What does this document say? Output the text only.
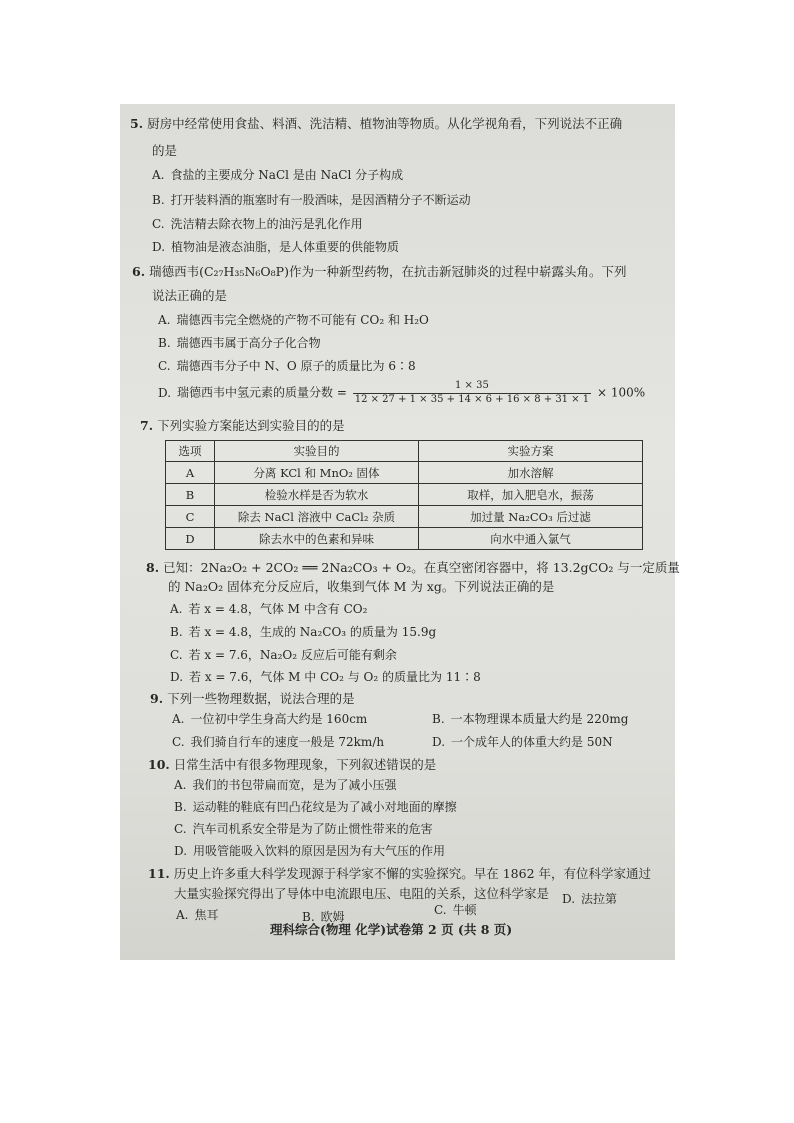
5. 厨房中经常使用食盐、料酒、洗洁精、植物油等物质。从化学视角看，下列说法不正确
的是
A. 食盐的主要成分 NaCl 是由 NaCl 分子构成
B. 打开装料酒的瓶塞时有一股酒味，是因酒精分子不断运动
C. 洗洁精去除衣物上的油污是乳化作用
D. 植物油是液态油脂，是人体重要的供能物质
6. 瑞德西韦(C₂₇H₃₅N₆O₈P)作为一种新型药物，在抗击新冠肺炎的过程中崭露头角。下列
说法正确的是
A. 瑞德西韦完全燃烧的产物不可能有 CO₂ 和 H₂O
B. 瑞德西韦属于高分子化合物
C. 瑞德西韦分子中 N、O 原子的质量比为 6∶8
D. 瑞德西韦中氢元素的质量分数 = $\frac{1 \times 35}{12 \times 27 + 1 \times 35 + 14 \times 6 + 16 \times 8 + 31 \times 1} \times 100\%$
7. 下列实验方案能达到实验目的的是
选项	实验目的	实验方案
A	分离 KCl 和 MnO₂ 固体	加水溶解
B	检验水样是否为软水	取样，加入肥皂水，振荡
C	除去 NaCl 溶液中 CaCl₂ 杂质	加过量 Na₂CO₃ 后过滤
D	除去水中的色素和异味	向水中通入氯气
8. 已知：2Na₂O₂ + 2CO₂ ══ 2Na₂CO₃ + O₂。在真空密闭容器中，将 13.2gCO₂ 与一定质量
的 Na₂O₂ 固体充分反应后，收集到气体 M 为 xg。下列说法正确的是
A. 若 x = 4.8，气体 M 中含有 CO₂
B. 若 x = 4.8，生成的 Na₂CO₃ 的质量为 15.9g
C. 若 x = 7.6，Na₂O₂ 反应后可能有剩余
D. 若 x = 7.6，气体 M 中 CO₂ 与 O₂ 的质量比为 11∶8
9. 下列一些物理数据，说法合理的是
A. 一位初中学生身高大约是 160cm	B. 一本物理课本质量大约是 220mg
C. 我们骑自行车的速度一般是 72km/h	D. 一个成年人的体重大约是 50N
10. 日常生活中有很多物理现象，下列叙述错误的是
A. 我们的书包带扁而宽，是为了减小压强
B. 运动鞋的鞋底有凹凸花纹是为了减小对地面的摩擦
C. 汽车司机系安全带是为了防止惯性带来的危害
D. 用吸管能吸入饮料的原因是因为有大气压的作用
11. 历史上许多重大科学发现源于科学家不懈的实验探究。早在 1862 年，有位科学家通过
大量实验探究得出了导体中电流跟电压、电阻的关系，这位科学家是
A. 焦耳	B. 欧姆	C. 牛顿
D. 法拉第
理科综合(物理 化学)试卷第 2 页 (共 8 页)
